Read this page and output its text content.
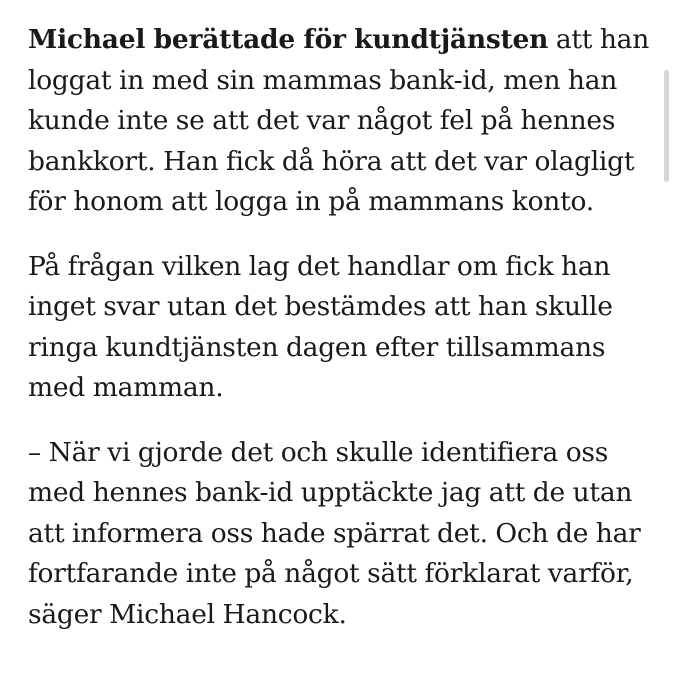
Michael berättade för kundtjänsten att han
loggat in med sin mammas bank-id, men han
kunde inte se att det var något fel på hennes
bankkort. Han fick då höra att det var olagligt
för honom att logga in på mammans konto.

På frågan vilken lag det handlar om fick han
inget svar utan det bestämdes att han skulle
ringa kundtjänsten dagen efter tillsammans
med mamman.

– När vi gjorde det och skulle identifiera oss
med hennes bank-id upptäckte jag att de utan
att informera oss hade spärrat det. Och de har
fortfarande inte på något sätt förklarat varför,
säger Michael Hancock.
